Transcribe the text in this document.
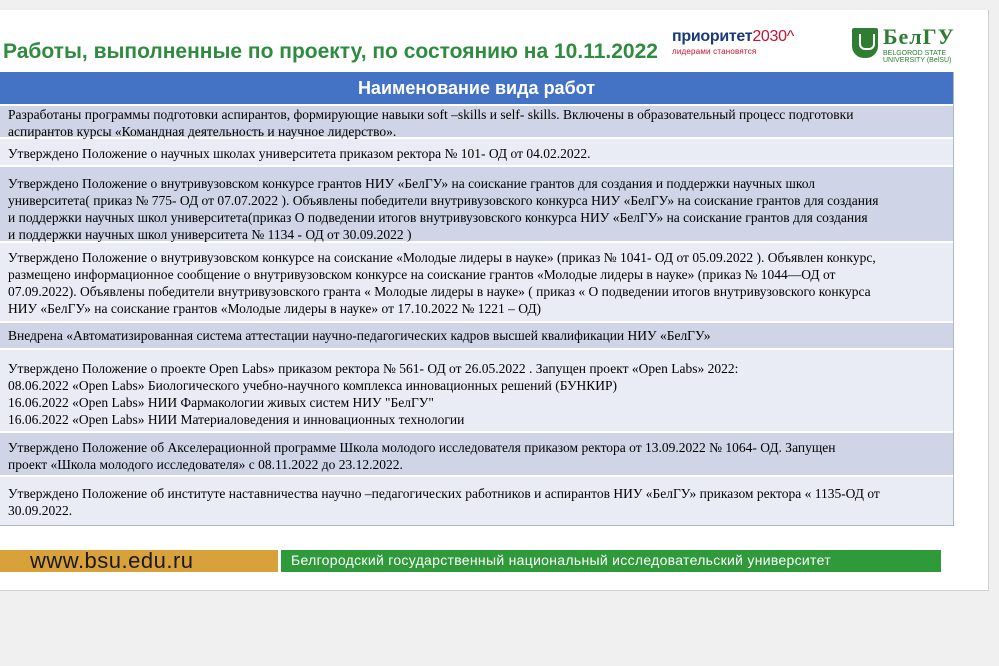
Работы, выполненные по проекту, по состоянию на 10.11.2022
приоритет2030^
лидерами становятся
БелГУ
BELGOROD STATE
UNIVERSITY (BelSU)
Наименование вида работ
Разработаны программы подготовки аспирантов, формирующие навыки soft –skills и self- skills. Включены в образовательный процесс подготовки
аспирантов курсы «Командная деятельность и научное лидерство».
Утверждено Положение о научных школах университета приказом ректора № 101- ОД от 04.02.2022.
Утверждено Положение о внутривузовском конкурсе грантов НИУ «БелГУ» на соискание грантов для создания и поддержки научных школ
университета( приказ № 775- ОД от 07.07.2022 ). Объявлены победители внутривузовского конкурса НИУ «БелГУ» на соискание грантов для создания
и поддержки научных школ университета(приказ О подведении итогов внутривузовского конкурса НИУ «БелГУ» на соискание грантов для создания
и поддержки научных школ университета № 1134 - ОД от 30.09.2022 )
Утверждено Положение о внутривузовском конкурсе на соискание «Молодые лидеры в науке» (приказ № 1041- ОД от 05.09.2022 ). Объявлен конкурс,
размещено информационное сообщение о внутривузовском конкурсе на соискание грантов «Молодые лидеры в науке» (приказ № 1044—ОД от
07.09.2022). Объявлены победители внутривузовского гранта « Молодые лидеры в науке» ( приказ « О подведении итогов внутривузовского конкурса
НИУ «БелГУ» на соискание грантов «Молодые лидеры в науке» от 17.10.2022 № 1221 – ОД)
Внедрена «Автоматизированная система аттестации научно-педагогических кадров высшей квалификации НИУ «БелГУ»
Утверждено Положение о проекте Open Labs» приказом ректора № 561- ОД от 26.05.2022 . Запущен проект «Open Labs» 2022:
08.06.2022 «Open Labs» Биологического учебно-научного комплекса инновационных решений (БУНКИР)
16.06.2022 «Open Labs» НИИ Фармакологии живых систем НИУ "БелГУ"
16.06.2022 «Open Labs» НИИ Материаловедения и инновационных технологии
Утверждено Положение об Акселерационной программе Школа молодого исследователя приказом ректора от 13.09.2022 № 1064- ОД. Запущен
проект «Школа молодого исследователя» с 08.11.2022 до 23.12.2022.
Утверждено Положение об институте наставничества научно –педагогических работников и аспирантов НИУ «БелГУ» приказом ректора « 1135-ОД от
30.09.2022.
www.bsu.edu.ru	Белгородский государственный национальный исследовательский университет
